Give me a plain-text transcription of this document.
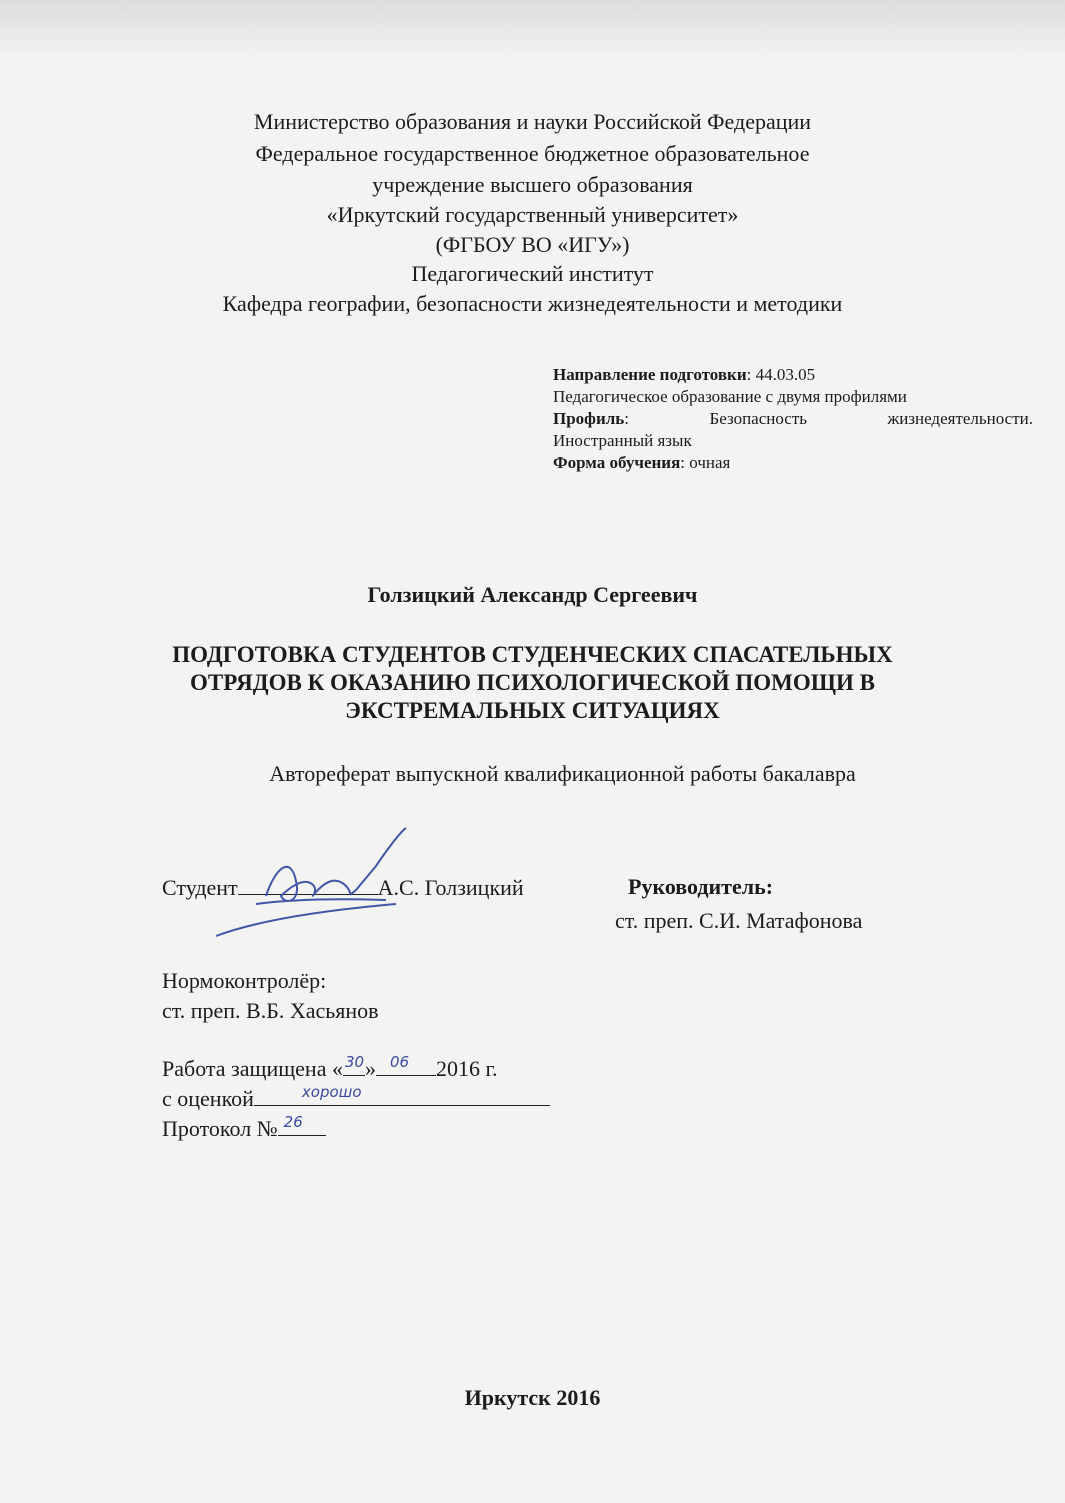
Министерство образования и науки Российской Федерации
Федеральное государственное бюджетное образовательное
учреждение высшего образования
«Иркутский государственный университет»
(ФГБОУ ВО «ИГУ»)
Педагогический институт
Кафедра географии, безопасности жизнедеятельности и методики
Направление подготовки: 44.03.05
Педагогическое образование с двумя профилями
Профиль:	Безопасность	жизнедеятельности.
Иностранный язык
Форма обучения: очная
Голзицкий Александр Сергеевич
ПОДГОТОВКА СТУДЕНТОВ СТУДЕНЧЕСКИХ СПАСАТЕЛЬНЫХ
ОТРЯДОВ К ОКАЗАНИЮ ПСИХОЛОГИЧЕСКОЙ ПОМОЩИ В
ЭКСТРЕМАЛЬНЫХ СИТУАЦИЯХ
Автореферат выпускной квалификационной работы бакалавра
Студент	А.С. Голзицкий	Руководитель:
ст. преп. С.И. Матафонова
Нормоконтролёр:
ст. преп. В.Б. Хасьянов
Работа защищена « 30 » 06 2016 г.
с оценкой	хорошо
Протокол № 26
Иркутск 2016
